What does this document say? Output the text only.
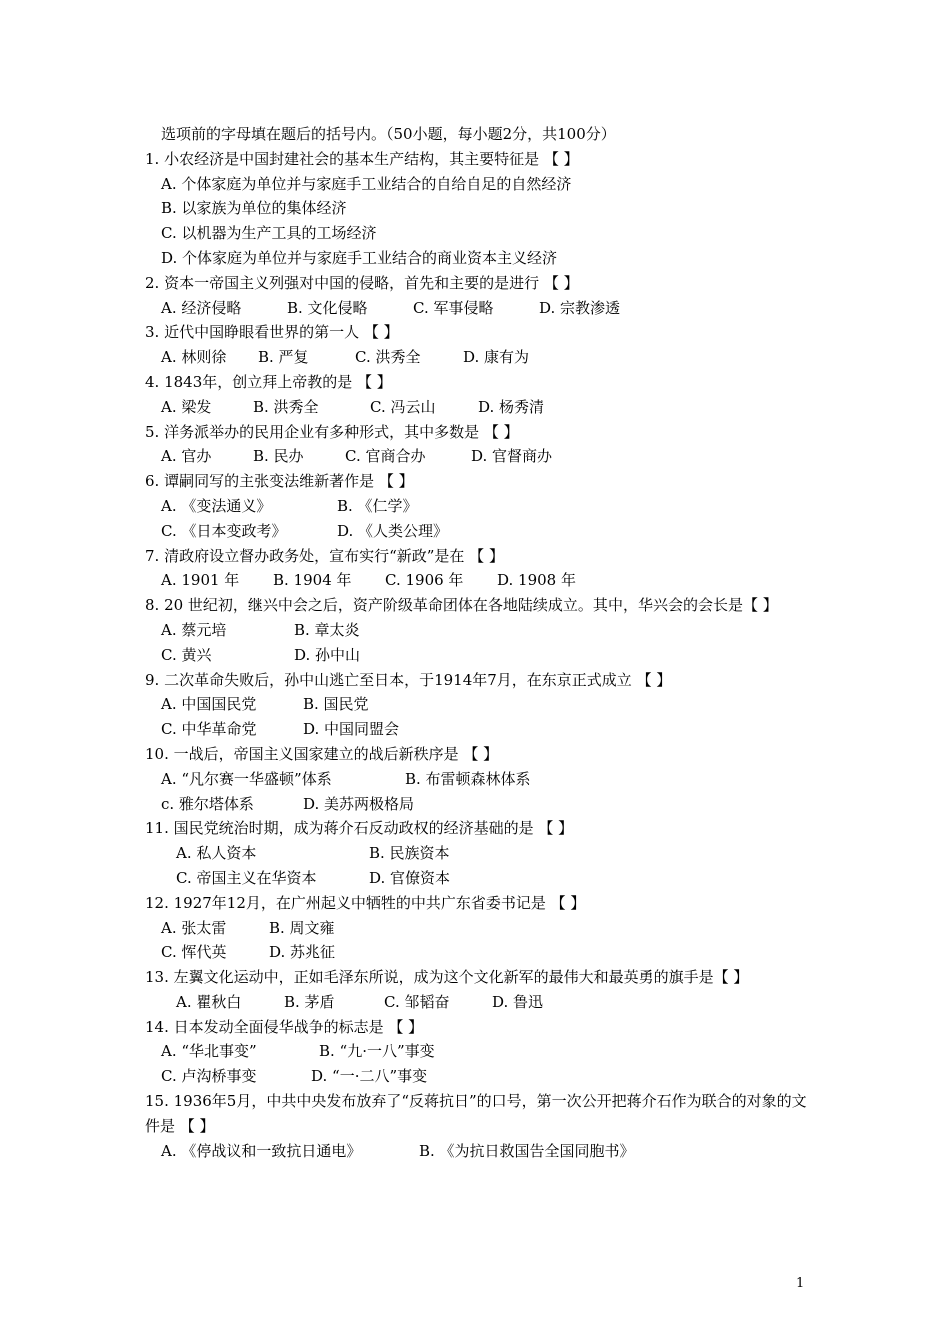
选项前的字母填在题后的括号内。（50小题，每小题2分，共100分）
1. 小农经济是中国封建社会的基本生产结构，其主要特征是 【 】
A. 个体家庭为单位并与家庭手工业结合的自给自足的自然经济
B. 以家族为单位的集体经济
C. 以机器为生产工具的工场经济
D. 个体家庭为单位并与家庭手工业结合的商业资本主义经济
2. 资本一帝国主义列强对中国的侵略，首先和主要的是进行 【 】
A. 经济侵略	B. 文化侵略	C. 军事侵略	D. 宗教渗透
3. 近代中国睁眼看世界的第一人 【 】
A. 林则徐 B. 严复	C. 洪秀全	D. 康有为
4. 1843年，创立拜上帝教的是 【 】
A. 梁发	B. 洪秀全	C. 冯云山	D. 杨秀清
5. 洋务派举办的民用企业有多种形式，其中多数是 【 】
A. 官办	B. 民办	C. 官商合办	D. 官督商办
6. 谭嗣同写的主张变法维新著作是 【 】
A. 《变法通义》	B. 《仁学》
C. 《日本变政考》	D. 《人类公理》
7. 清政府设立督办政务处，宣布实行“新政”是在 【 】
A. 1901 年 B. 1904 年 C. 1906 年 D. 1908 年
8. 20 世纪初，继兴中会之后，资产阶级革命团体在各地陆续成立。其中，华兴会的会长是【 】
A. 蔡元培	B. 章太炎
C. 黄兴	D. 孙中山
9. 二次革命失败后，孙中山逃亡至日本，于1914年7月，在东京正式成立 【 】
A. 中国国民党	B. 国民党
C. 中华革命党	D. 中国同盟会
10. 一战后，帝国主义国家建立的战后新秩序是 【 】
A. “凡尔赛一华盛顿”体系	B. 布雷顿森林体系
c. 雅尔塔体系	D. 美苏两极格局
11. 国民党统治时期，成为蒋介石反动政权的经济基础的是 【 】
A. 私人资本	B. 民族资本
C. 帝国主义在华资本	D. 官僚资本
12. 1927年12月，在广州起义中牺牲的中共广东省委书记是 【 】
A. 张太雷	B. 周文雍
C. 恽代英	D. 苏兆征
13. 左翼文化运动中，正如毛泽东所说，成为这个文化新军的最伟大和最英勇的旗手是【 】
A. 瞿秋白	B. 茅盾	C. 邹韬奋	D. 鲁迅
14. 日本发动全面侵华战争的标志是 【 】
A. “华北事变”	B. “九·一八”事变
C. 卢沟桥事变	D. “一·二八”事变
15. 1936年5月，中共中央发布放弃了“反蒋抗日”的口号，第一次公开把蒋介石作为联合的对象的文件是 【 】
A. 《停战议和一致抗日通电》	B. 《为抗日救国告全国同胞书》
1
